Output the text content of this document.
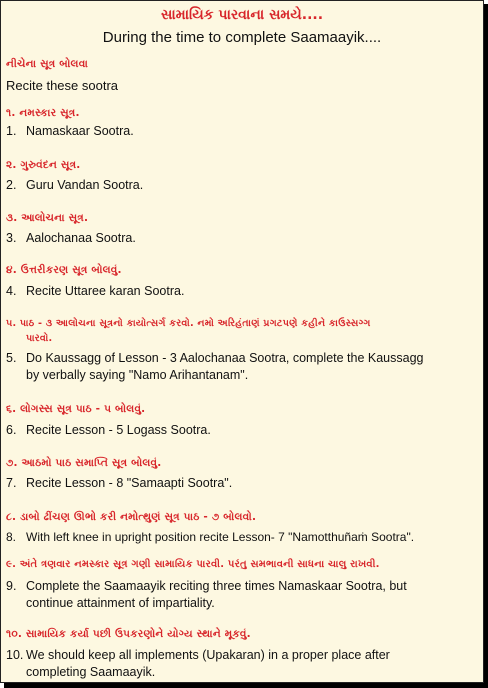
સામાયિક પારવાના સમયે....
During the time to complete Saamaayik....
નીચેના સૂત્ર બોલવા
Recite these sootra
૧. નમસ્કાર સૂત્ર.
1. Namaskaar Sootra.
૨. ગુરુવંદન સૂત્ર.
2. Guru Vandan Sootra.
૩. આલોચના સૂત્ર.
3. Aalochanaa Sootra.
૪. ઉત્તરીકરણ સૂત્ર બોલવું.
4. Recite Uttaree karan Sootra.
૫. પાઠ - ૩ આલોચના સૂત્રનો કાયોત્સર્ગ કરવો. નમો અરિહંતાણં પ્રગટપણે કહીને કાઉસ્સગ્ગ
પારવો.
5. Do Kaussagg of Lesson - 3 Aalochanaa Sootra, complete the Kaussagg
by verbally saying "Namo Arihantanam".
૬. લોગસ્સ સૂત્ર પાઠ - ૫ બોલવું.
6. Recite Lesson - 5 Logass Sootra.
૭. આઠમો પાઠ સમાપ્તિ સૂત્ર બોલવું.
7. Recite Lesson - 8 "Samaapti Sootra".
૮. ડાબો ઢીંચણ ઊભો કરી નમોત્થુણં સૂત્ર પાઠ - ૭ બોલવો.
8. With left knee in upright position recite Lesson- 7 "Namotthuñaṁ Sootra".
૯. અંતે ત્રણવાર નમસ્કાર સૂત્ર ગણી સામાયિક પારવી. પરંતુ સમભાવની સાધના ચાલુ રાખવી.
9. Complete the Saamaayik reciting three times Namaskaar Sootra, but
continue attainment of impartiality.
૧૦. સામાયિક કર્યા પછી ઉપકરણોને યોગ્ય સ્થાને મૂકવું.
10. We should keep all implements (Upakaran) in a proper place after
completing Saamaayik.
